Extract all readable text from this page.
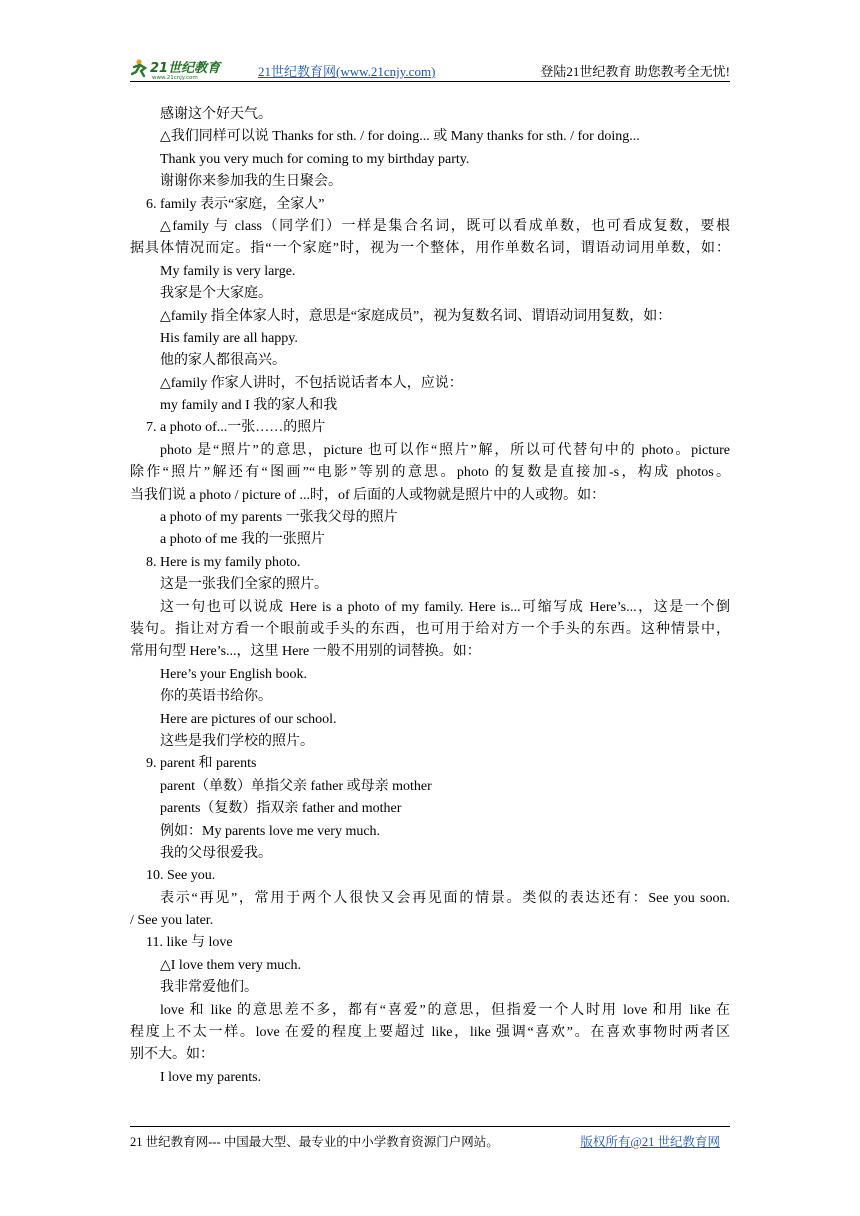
21世纪教育
www.21cnjy.com	21世纪教育网(www.21cnjy.com)	登陆21世纪教育 助您教考全无忧!
感谢这个好天气。
△我们同样可以说 Thanks for sth. / for doing... 或 Many thanks for sth. / for doing...
Thank you very much for coming to my birthday party.
谢谢你来参加我的生日聚会。
6. family 表示“家庭，全家人”
△family 与 class（同学们）一样是集合名词，既可以看成单数，也可看成复数，要根
据具体情况而定。指“一个家庭”时，视为一个整体，用作单数名词，谓语动词用单数，如：
My family is very large.
我家是个大家庭。
△family 指全体家人时，意思是“家庭成员”，视为复数名词、谓语动词用复数，如：
His family are all happy.
他的家人都很高兴。
△family 作家人讲时，不包括说话者本人，应说：
my family and I 我的家人和我
7. a photo of...一张……的照片
photo 是“照片”的意思，picture 也可以作“照片”解，所以可代替句中的 photo。picture
除作“照片”解还有“图画”“电影”等别的意思。photo 的复数是直接加-s，构成 photos。
当我们说 a photo / picture of ...时，of 后面的人或物就是照片中的人或物。如：
a photo of my parents 一张我父母的照片
a photo of me 我的一张照片
8. Here is my family photo.
这是一张我们全家的照片。
这一句也可以说成 Here is a photo of my family. Here is...可缩写成 Here’s...，这是一个倒
装句。指让对方看一个眼前或手头的东西，也可用于给对方一个手头的东西。这种情景中，
常用句型 Here’s...，这里 Here 一般不用别的词替换。如：
Here’s your English book.
你的英语书给你。
Here are pictures of our school.
这些是我们学校的照片。
9. parent 和 parents
parent（单数）单指父亲 father 或母亲 mother
parents（复数）指双亲 father and mother
例如：My parents love me very much.
我的父母很爱我。
10. See you.
表示“再见”，常用于两个人很快又会再见面的情景。类似的表达还有：See you soon.
/ See you later.
11. like 与 love
△I love them very much.
我非常爱他们。
love 和 like 的意思差不多，都有“喜爱”的意思，但指爱一个人时用 love 和用 like 在
程度上不太一样。love 在爱的程度上要超过 like，like 强调“喜欢”。在喜欢事物时两者区
别不大。如：
I love my parents.
21 世纪教育网--- 中国最大型、最专业的中小学教育资源门户网站。	版权所有@21 世纪教育网
